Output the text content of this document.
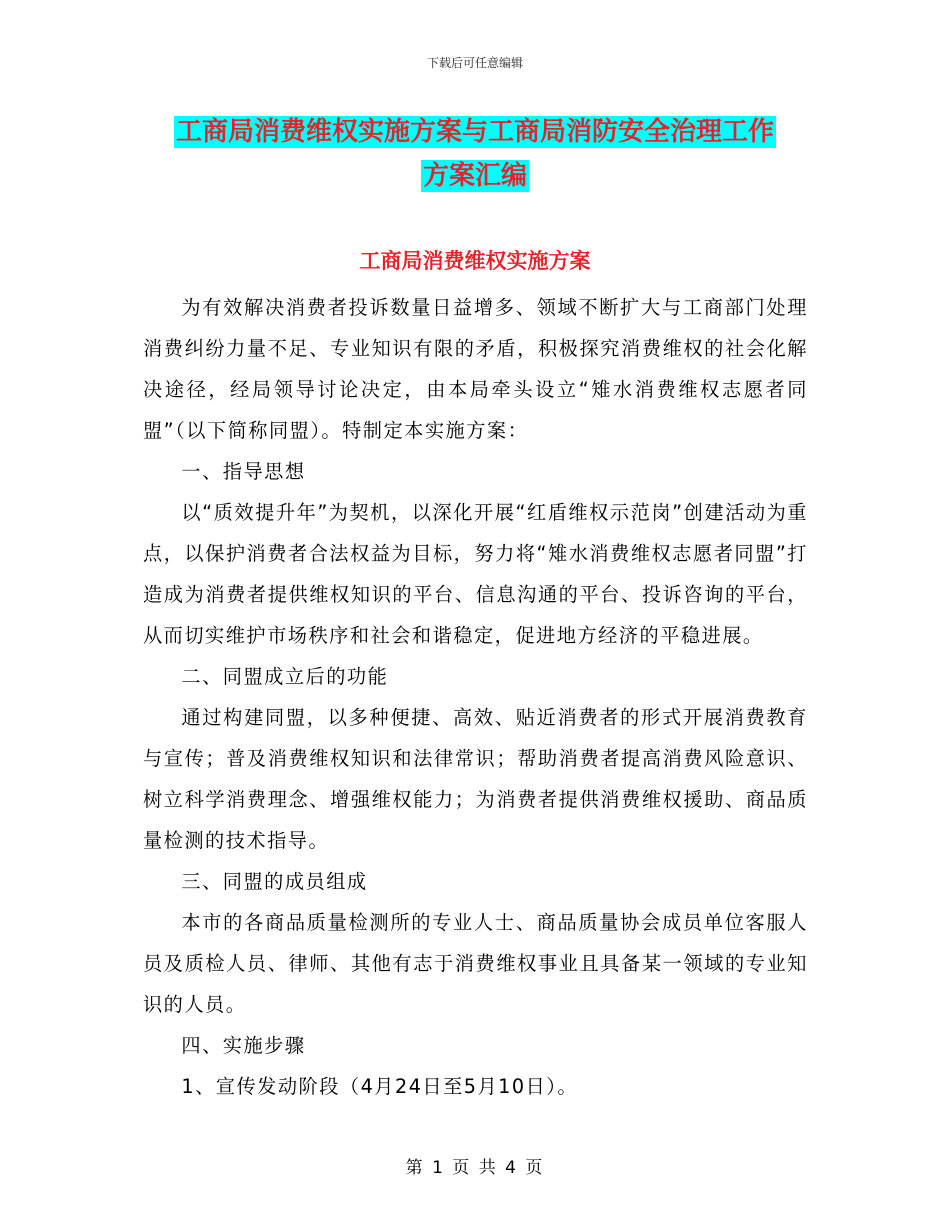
下载后可任意编辑
工商局消费维权实施方案与工商局消防安全治理工作
方案汇编
工商局消费维权实施方案

为有效解决消费者投诉数量日益增多、领域不断扩大与工商部门处理消费纠纷力量不足、专业知识有限的矛盾，积极探究消费维权的社会化解决途径，经局领导讨论决定，由本局牵头设立“雉水消费维权志愿者同盟”（以下简称同盟）。特制定本实施方案：

一、指导思想

以“质效提升年”为契机，以深化开展“红盾维权示范岗”创建活动为重点，以保护消费者合法权益为目标，努力将“雉水消费维权志愿者同盟”打造成为消费者提供维权知识的平台、信息沟通的平台、投诉咨询的平台，从而切实维护市场秩序和社会和谐稳定，促进地方经济的平稳进展。

二、同盟成立后的功能

通过构建同盟，以多种便捷、高效、贴近消费者的形式开展消费教育与宣传；普及消费维权知识和法律常识；帮助消费者提高消费风险意识、树立科学消费理念、增强维权能力；为消费者提供消费维权援助、商品质量检测的技术指导。

三、同盟的成员组成

本市的各商品质量检测所的专业人士、商品质量协会成员单位客服人员及质检人员、律师、其他有志于消费维权事业且具备某一领域的专业知识的人员。

四、实施步骤

1、宣传发动阶段（4月24日至5月10日）。

第 1 页 共 4 页
